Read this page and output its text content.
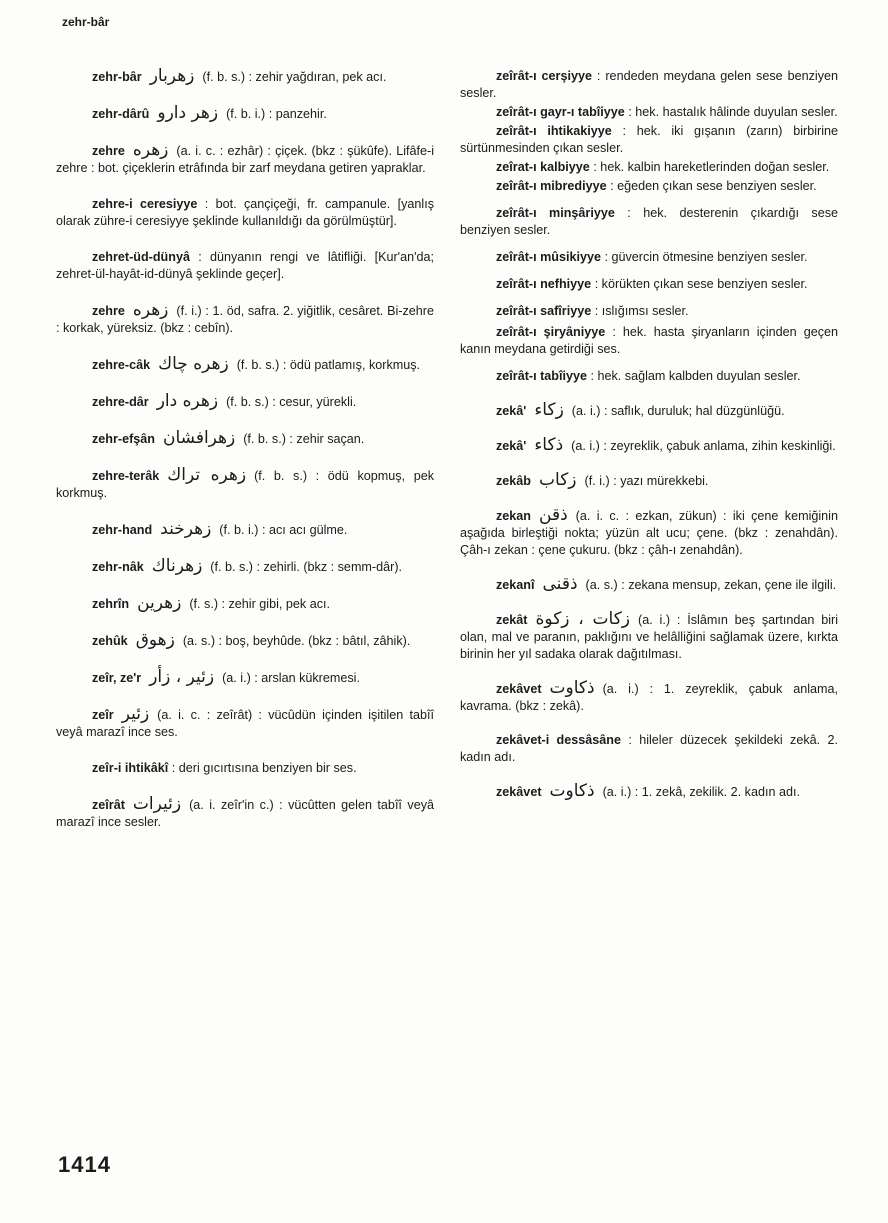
zehr-bâr
zehr-bâr زهربار (f. b. s.) : zehir yağdıran, pek acı.
zehr-dârû زهر دارو (f. b. i.) : panzehir.
zehre زهره (a. i. c. : ezhâr) : çiçek. (bkz : şükûfe). Lifâfe-i zehre : bot. çiçeklerin etrâfında bir zarf meydana getiren yapraklar.
zehre-i ceresiyye : bot. çançiçeği, fr. campanule. [yanlış olarak zühre-i ceresiyye şeklinde kullanıldığı da görülmüştür].
zehret-üd-dünyâ : dünyanın rengi ve lâtifliği. [Kur'an'da; zehret-ül-hayât-id-dünyâ şeklinde geçer].
zehre زهره (f. i.) : 1. öd, safra. 2. yiğitlik, cesâret. Bi-zehre : korkak, yüreksiz. (bkz : cebîn).
zehre-câk زهره چاك (f. b. s.) : ödü patlamış, korkmuş.
zehre-dâr زهره دار (f. b. s.) : cesur, yürekli.
zehr-efşân زهرافشان (f. b. s.) : zehir saçan.
zehre-terâk زهره تراك (f. b. s.) : ödü kopmuş, pek korkmuş.
zehr-hand زهرخند (f. b. i.) : acı acı gülme.
zehr-nâk زهرناك (f. b. s.) : zehirli. (bkz : semm-dâr).
zehrîn زهرين (f. s.) : zehir gibi, pek acı.
zehûk زهوق (a. s.) : boş, beyhûde. (bkz : bâtıl, zâhik).
zeîr, ze'r زئير ، زأر (a. i.) : arslan kükremesi.
zeîr زئير (a. i. c. : zeîrât) : vücûdün içinden işitilen tabîî veyâ marazî ince ses.
zeîr-i ihtikâkî : deri gıcırtısına benziyen bir ses.
zeîrât زئيرات (a. i. zeîr'in c.) : vücûtten gelen tabîî veyâ marazî ince sesler.
zeîrât-ı cerşiyye : rendeden meydana gelen sese benziyen sesler.
zeîrât-ı gayr-ı tabîiyye : hek. hastalık hâlinde duyulan sesler.
zeîrât-ı ihtikakiyye : hek. iki gışanın (zarın) birbirine sürtünmesinden çıkan sesler.
zeîrat-ı kalbiyye : hek. kalbin hareketlerinden doğan sesler.
zeîrât-ı mibrediyye : eğeden çıkan sese benziyen sesler.
zeîrât-ı minşâriyye : hek. desterenin çıkardığı sese benziyen sesler.
zeîrât-ı mûsikiyye : güvercin ötmesine benziyen sesler.
zeîrât-ı nefhiyye : körükten çıkan sese benziyen sesler.
zeîrât-ı safîriyye : ıslığımsı sesler.
zeîrât-ı şiryâniyye : hek. hasta şiryanların içinden geçen kanın meydana getirdiği ses.
zeîrât-ı tabîiyye : hek. sağlam kalbden duyulan sesler.
zekâ' زكاء (a. i.) : saflık, duruluk; hal düzgünlüğü.
zekâ' ذكاء (a. i.) : zeyreklik, çabuk anlama, zihin keskinliği.
zekâb زكاب (f. i.) : yazı mürekkebi.
zekan ذقن (a. i. c. : ezkan, zükun) : iki çene kemiğinin aşağıda birleştiği nokta; yüzün alt ucu; çene. (bkz : zenahdân). Çâh-ı zekan : çene çukuru. (bkz : çâh-ı zenahdân).
zekanî ذقنى (a. s.) : zekana mensup, zekan, çene ile ilgili.
zekât زكات ، زكوة (a. i.) : İslâmın beş şartından biri olan, mal ve paranın, paklığını ve helâlliğini sağlamak üzere, kırkta birinin her yıl sadaka olarak dağıtılması.
zekâvet ذكاوت (a. i.) : 1. zeyreklik, çabuk anlama, kavrama. (bkz : zekâ).
zekâvet-i dessâsâne : hileler düzecek şekildeki zekâ. 2. kadın adı.
zekâvet ذكاوت (a. i.) : 1. zekâ, zekilik. 2. kadın adı.
1414
